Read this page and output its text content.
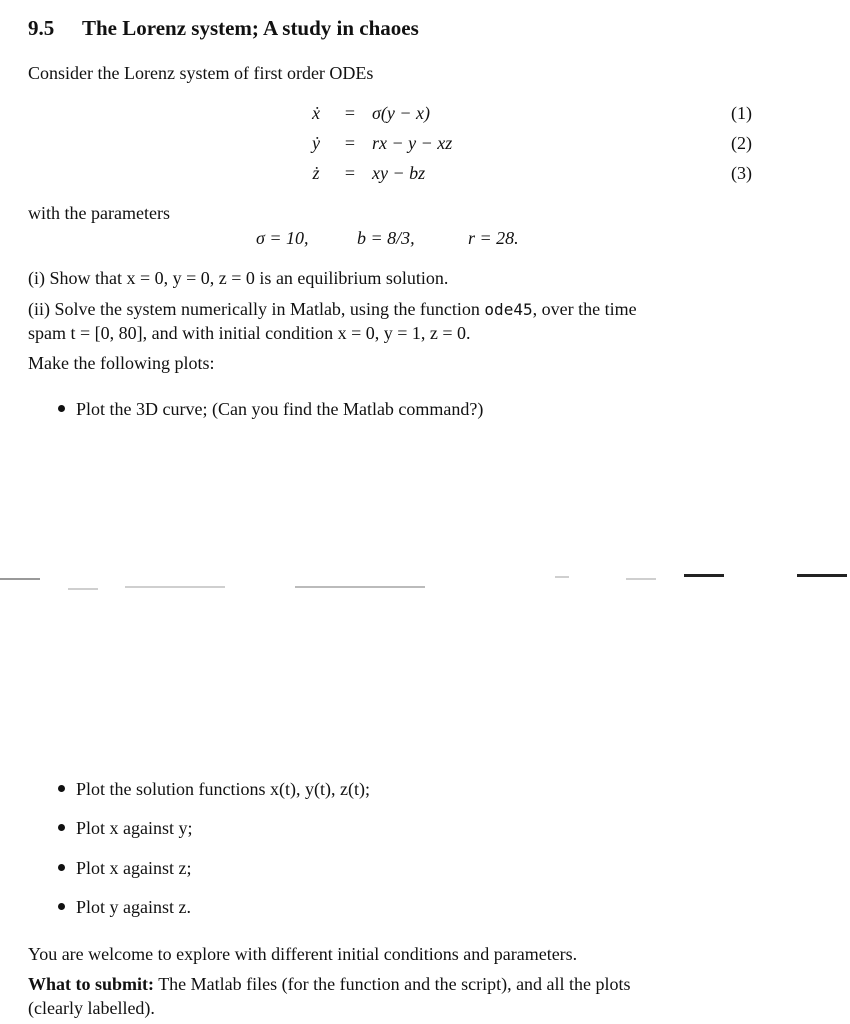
9.5 The Lorenz system; A study in chaoes
Consider the Lorenz system of first order ODEs
ẋ	= σ(y − x)	(1)
ẏ	= rx − y − xz	(2)
ż	= xy − bz	(3)
with the parameters
σ = 10,	b = 8/3,	r = 28.
(i) Show that x = 0, y = 0, z = 0 is an equilibrium solution.
(ii) Solve the system numerically in Matlab, using the function ode45, over the time
spam t = [0, 80], and with initial condition x = 0, y = 1, z = 0.
Make the following plots:
Plot the 3D curve; (Can you find the Matlab command?)
Plot the solution functions x(t), y(t), z(t);
Plot x against y;
Plot x against z;
Plot y against z.
You are welcome to explore with different initial conditions and parameters.
What to submit: The Matlab files (for the function and the script), and all the plots
(clearly labelled).
